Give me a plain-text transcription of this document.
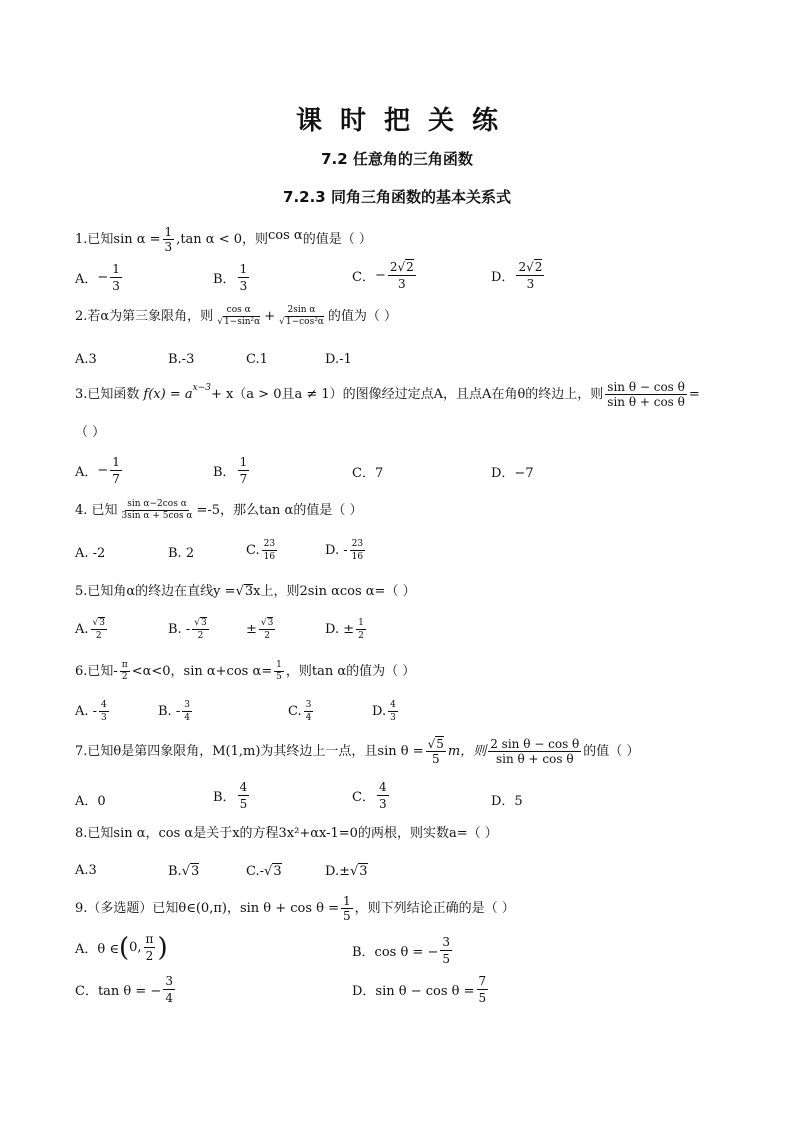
课时把关练
7.2 任意角的三角函数
7.2.3 同角三角函数的基本关系式
1.已知$\sin \alpha = \frac{1}{3} ,\tan$ α < 0，则 cos α 的值是（ ）
A． − $\frac{1}{3}$	B． $\frac{1}{3}$	C． − $\frac{2√2}{3}$	D． $\frac{2√2}{3}$
2.若α为第三象限角，则 $\frac{\text{cos α}}{\text{√1−sin²α}} + \frac{\text{2sin α}}{\text{√1−cos²α}}$ 的值为（ ）
A.3	B.-3	C.1	D.-1
3.已知函数 $f(x) = a^{x-3} + x(a > 0$且a ≠ 1）的图像经过定点A，且点A在角θ的终边上，则 $\frac{\text{sin θ − cos θ}}{\text{sin θ + cos θ}}$ =
（ ）
A． − $\frac{1}{7}$	B． $\frac{1}{7}$	C．7	D．−7
4. 已知 $\frac{\text{sin α−2cos α}}{\text{3sin α + 5cos α}} =-5$，那么tan α的值是（ ）
A. -2	B. 2	C. $\frac{23}{16}$	D. - $\frac{23}{16}$
5.已知角α的终边在直线y = √ 3 x上，则2sin αcos α=（ ）
A. $\frac{√3}{2}$	B. - $\frac{√3}{2}$	± $\frac{√3}{2}$	D. ± $\frac{1}{2}$
6.已知- $\frac{\pi}{2} <\alpha<0$，sin α+cos $\alpha= \frac{1}{5}$ ，则tan α的值为（ ）
A. - $\frac{4}{3}$	B. - $\frac{3}{4}$	C. $\frac{3}{4}$	D. $\frac{4}{3}$
7.已知θ是第四象限角，M(1,m)为其终边上一点，且$\sin \theta = \frac{√5}{5}$ m，则 $\frac{\text{2 sin θ − cos θ}}{\text{sin θ + cos θ}}$ 的值（ ）
A．0	B． $\frac{4}{5}$	C． $\frac{4}{3}$	D．5
8.已知sin α，cos α是关于x的方程3x²+αx-1=0的两根，则实数a=（ ）
A.3	B. √ 3	C.- √ 3	D.± √ 3
9.（多选题）已知θ∈(0,π)，$\sin \theta + \cos \theta = \frac{1}{5}$ ，则下列结论正确的是（ ）
A．θ ∈ ( 0, $\frac{\pi}{2}$ )	B．cos θ = − $\frac{3}{5}$
C．tan θ = − $\frac{3}{4}$	D．$\sin \theta - \cos \theta = \frac{7}{5}$
